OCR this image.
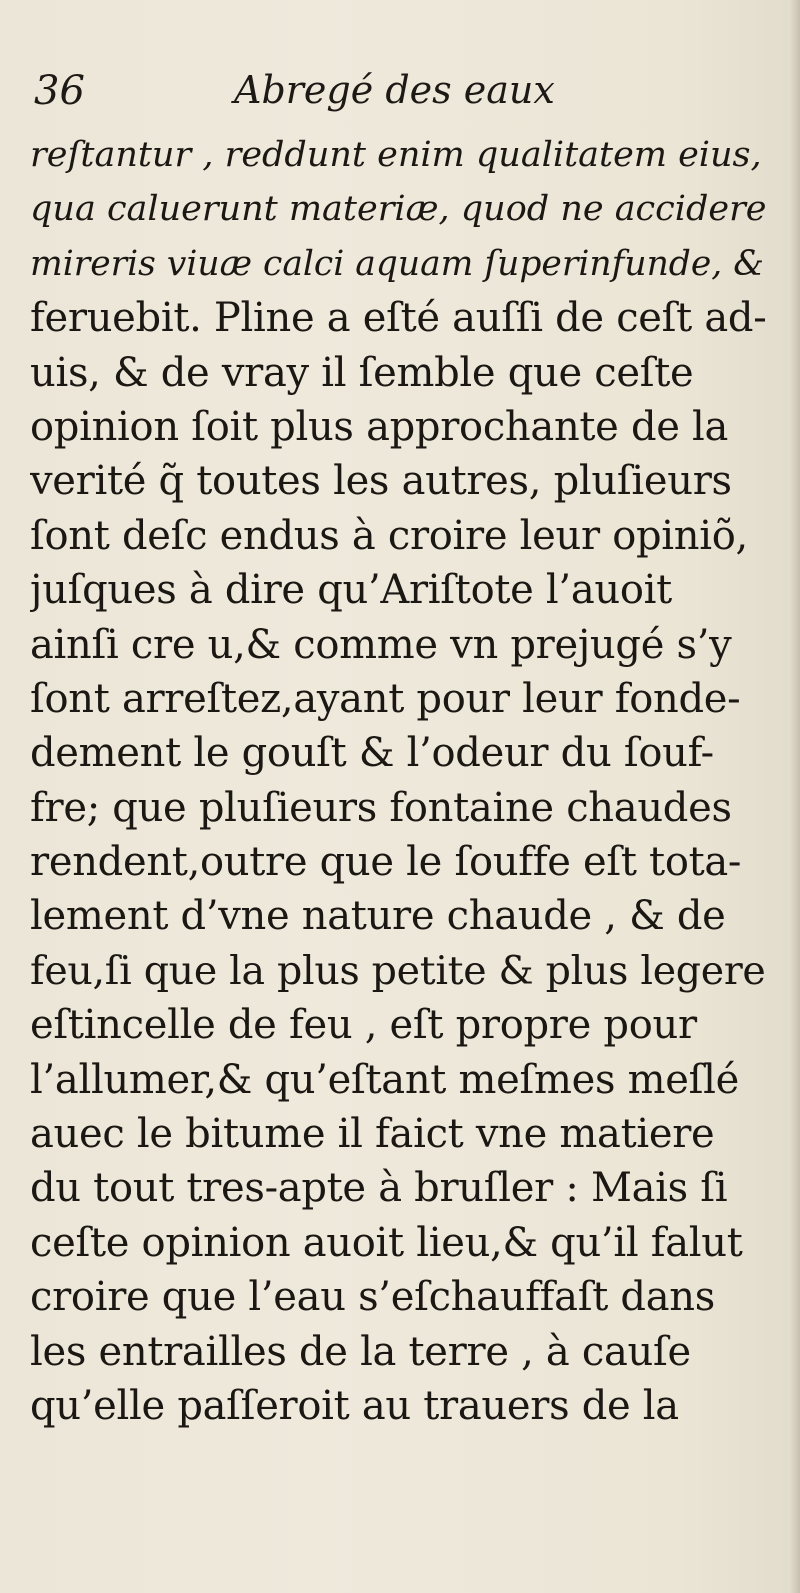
36	Abregé des eaux
reſtantur , reddunt enim qualitatem eius,
qua caluerunt materiæ, quod ne accidere
mireris viuæ calci aquam ſuperinfunde, &
feruebit. Pline a eſté auſſi de ceſt ad-
uis, & de vray il ſemble que ceſte
opinion ſoit plus approchante de la
verité q̃ toutes les autres, pluſieurs
ſont deſc endus à croire leur opiniõ,
juſques à dire qu’Ariſtote l’auoit
ainſi cre u,& comme vn prejugé s’y
ſont arreſtez,ayant pour leur fonde-
dement le gouſt & l’odeur du ſouf-
fre; que pluſieurs fontaine chaudes
rendent,outre que le ſouffe eſt tota-
lement d’vne nature chaude , & de
feu,ſi que la plus petite & plus legere
eſtincelle de feu , eſt propre pour
l’allumer,& qu’eſtant meſmes meſlé
auec le bitume il faict vne matiere
du tout tres-apte à bruſler : Mais ſi
ceſte opinion auoit lieu,& qu’il falut
croire que l’eau s’eſchauffaſt dans
les entrailles de la terre , à cauſe
qu’elle paſſeroit au trauers de la
